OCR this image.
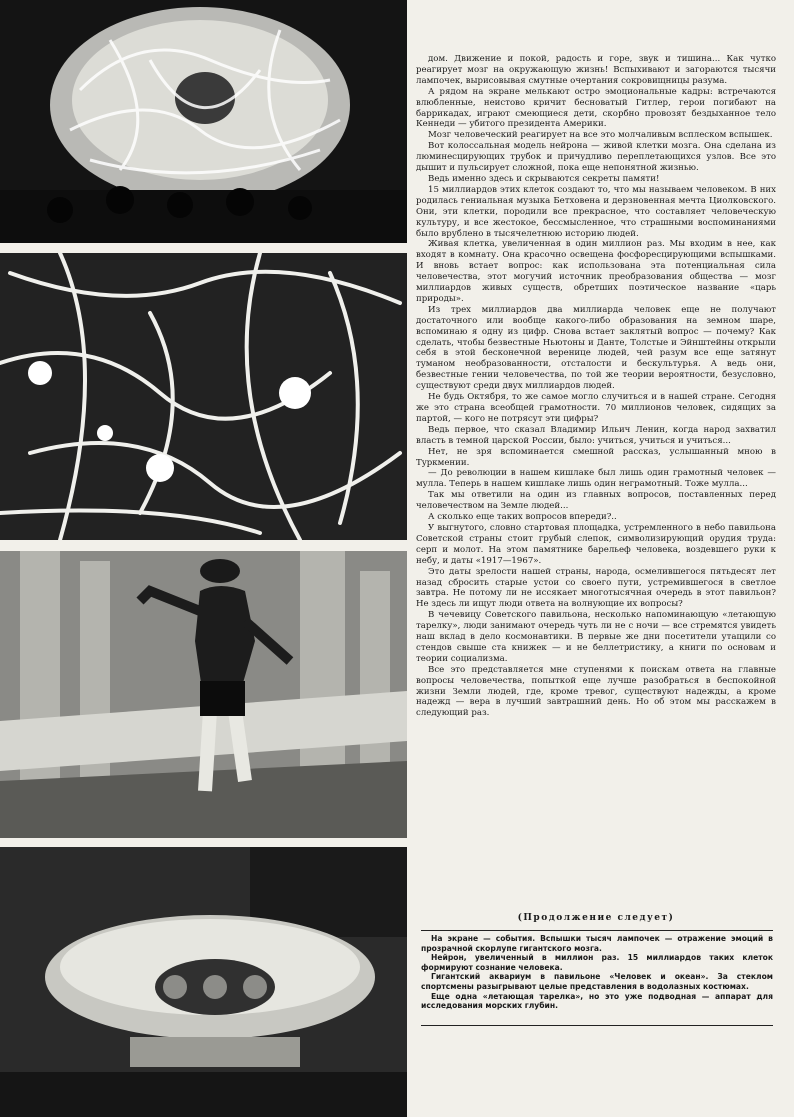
дом. Движение и покой, радость и горе, звук и тишина... Как чутко реагирует мозг на окружающую жизнь! Вспыхивают и загораются тысячи лампочек, вырисовывая смутные очертания сокровищницы разума.

А рядом на экране мелькают остро эмоциональные кадры: встречаются влюбленные, неистово кричит бесноватый Гитлер, герои погибают на баррикадах, играют смеющиеся дети, скорбно провозят бездыханное тело Кеннеди — убитого президента Америки.

Мозг человеческий реагирует на все это молчаливым всплеском вспышек.

Вот колоссальная модель нейрона — живой клетки мозга. Она сделана из люминесцирующих трубок и причудливо переплетающихся узлов. Все это дышит и пульсирует сложной, пока еще непонятной жизнью.

Ведь именно здесь и скрываются секреты памяти!

15 миллиардов этих клеток создают то, что мы называем человеком. В них родилась гениальная музыка Бетховена и дерзновенная мечта Циолковского. Они, эти клетки, породили все прекрасное, что составляет человеческую культуру, и все жестокое, бессмысленное, что страшными воспоминаниями было врублено в тысячелетнюю историю людей.

Живая клетка, увеличенная в один миллион раз. Мы входим в нее, как входят в комнату. Она красочно освещена фосфоресцирующими вспышками. И вновь встает вопрос: как использована эта потенциальная сила человечества, этот могучий источник преобразования общества — мозг миллиардов живых существ, обретших поэтическое название «царь природы».

Из трех миллиардов два миллиарда человек еще не получают достаточного или вообще какого-либо образования на земном шаре, вспоминаю я одну из цифр. Снова встает заклятый вопрос — почему? Как сделать, чтобы безвестные Ньютоны и Данте, Толстые и Эйнштейны открыли себя в этой бесконечной веренице людей, чей разум все еще затянут туманом необразованности, отсталости и бескультурья. А ведь они, безвестные гении человечества, по той же теории вероятности, безусловно, существуют среди двух миллиардов людей.

Не будь Октября, то же самое могло случиться и в нашей стране. Сегодня же это страна всеобщей грамотности. 70 миллионов человек, сидящих за партой, — кого не потрясут эти цифры?

Ведь первое, что сказал Владимир Ильич Ленин, когда народ захватил власть в темной царской России, было: учиться, учиться и учиться...

Нет, не зря вспоминается смешной рассказ, услышанный мною в Туркмении.

— До революции в нашем кишлаке был лишь один грамотный человек — мулла. Теперь в нашем кишлаке лишь один неграмотный. Тоже мулла...

Так мы ответили на один из главных вопросов, поставленных перед человечеством на Земле людей...

А сколько еще таких вопросов впереди?..

У выгнутого, словно стартовая площадка, устремленного в небо павильона Советской страны стоит грубый слепок, символизирующий орудия труда: серп и молот. На этом памятнике барельеф человека, воздевшего руки к небу, и даты «1917—1967».

Это даты зрелости нашей страны, народа, осмелившегося пятьдесят лет назад сбросить старые устои со своего пути, устремившегося в светлое завтра. Не потому ли не иссякает многотысячная очередь в этот павильон? Не здесь ли ищут люди ответа на волнующие их вопросы?

В чечевицу Советского павильона, несколько напоминающую «летающую тарелку», люди занимают очередь чуть ли не с ночи — все стремятся увидеть наш вклад в дело космонавтики. В первые же дни посетители утащили со стендов свыше ста книжек — и не беллетристику, а книги по основам и теории социализма.

Все это представляется мне ступенями к поискам ответа на главные вопросы человечества, попыткой еще лучше разобраться в беспокойной жизни Земли людей, где, кроме тревог, существуют надежды, а кроме надежд — вера в лучший завтрашний день. Но об этом мы расскажем в следующий раз.

(Продолжение следует)

На экране — события. Вспышки тысяч лампочек — отражение эмоций в прозрачной скорлупе гигантского мозга.

Нейрон, увеличенный в миллион раз. 15 миллиардов таких клеток формируют сознание человека.

Гигантский аквариум в павильоне «Человек и океан». За стеклом спортсмены разыгрывают целые представления в водолазных костюмах.

Еще одна «летающая тарелка», но это уже подводная — аппарат для исследования морских глубин.
